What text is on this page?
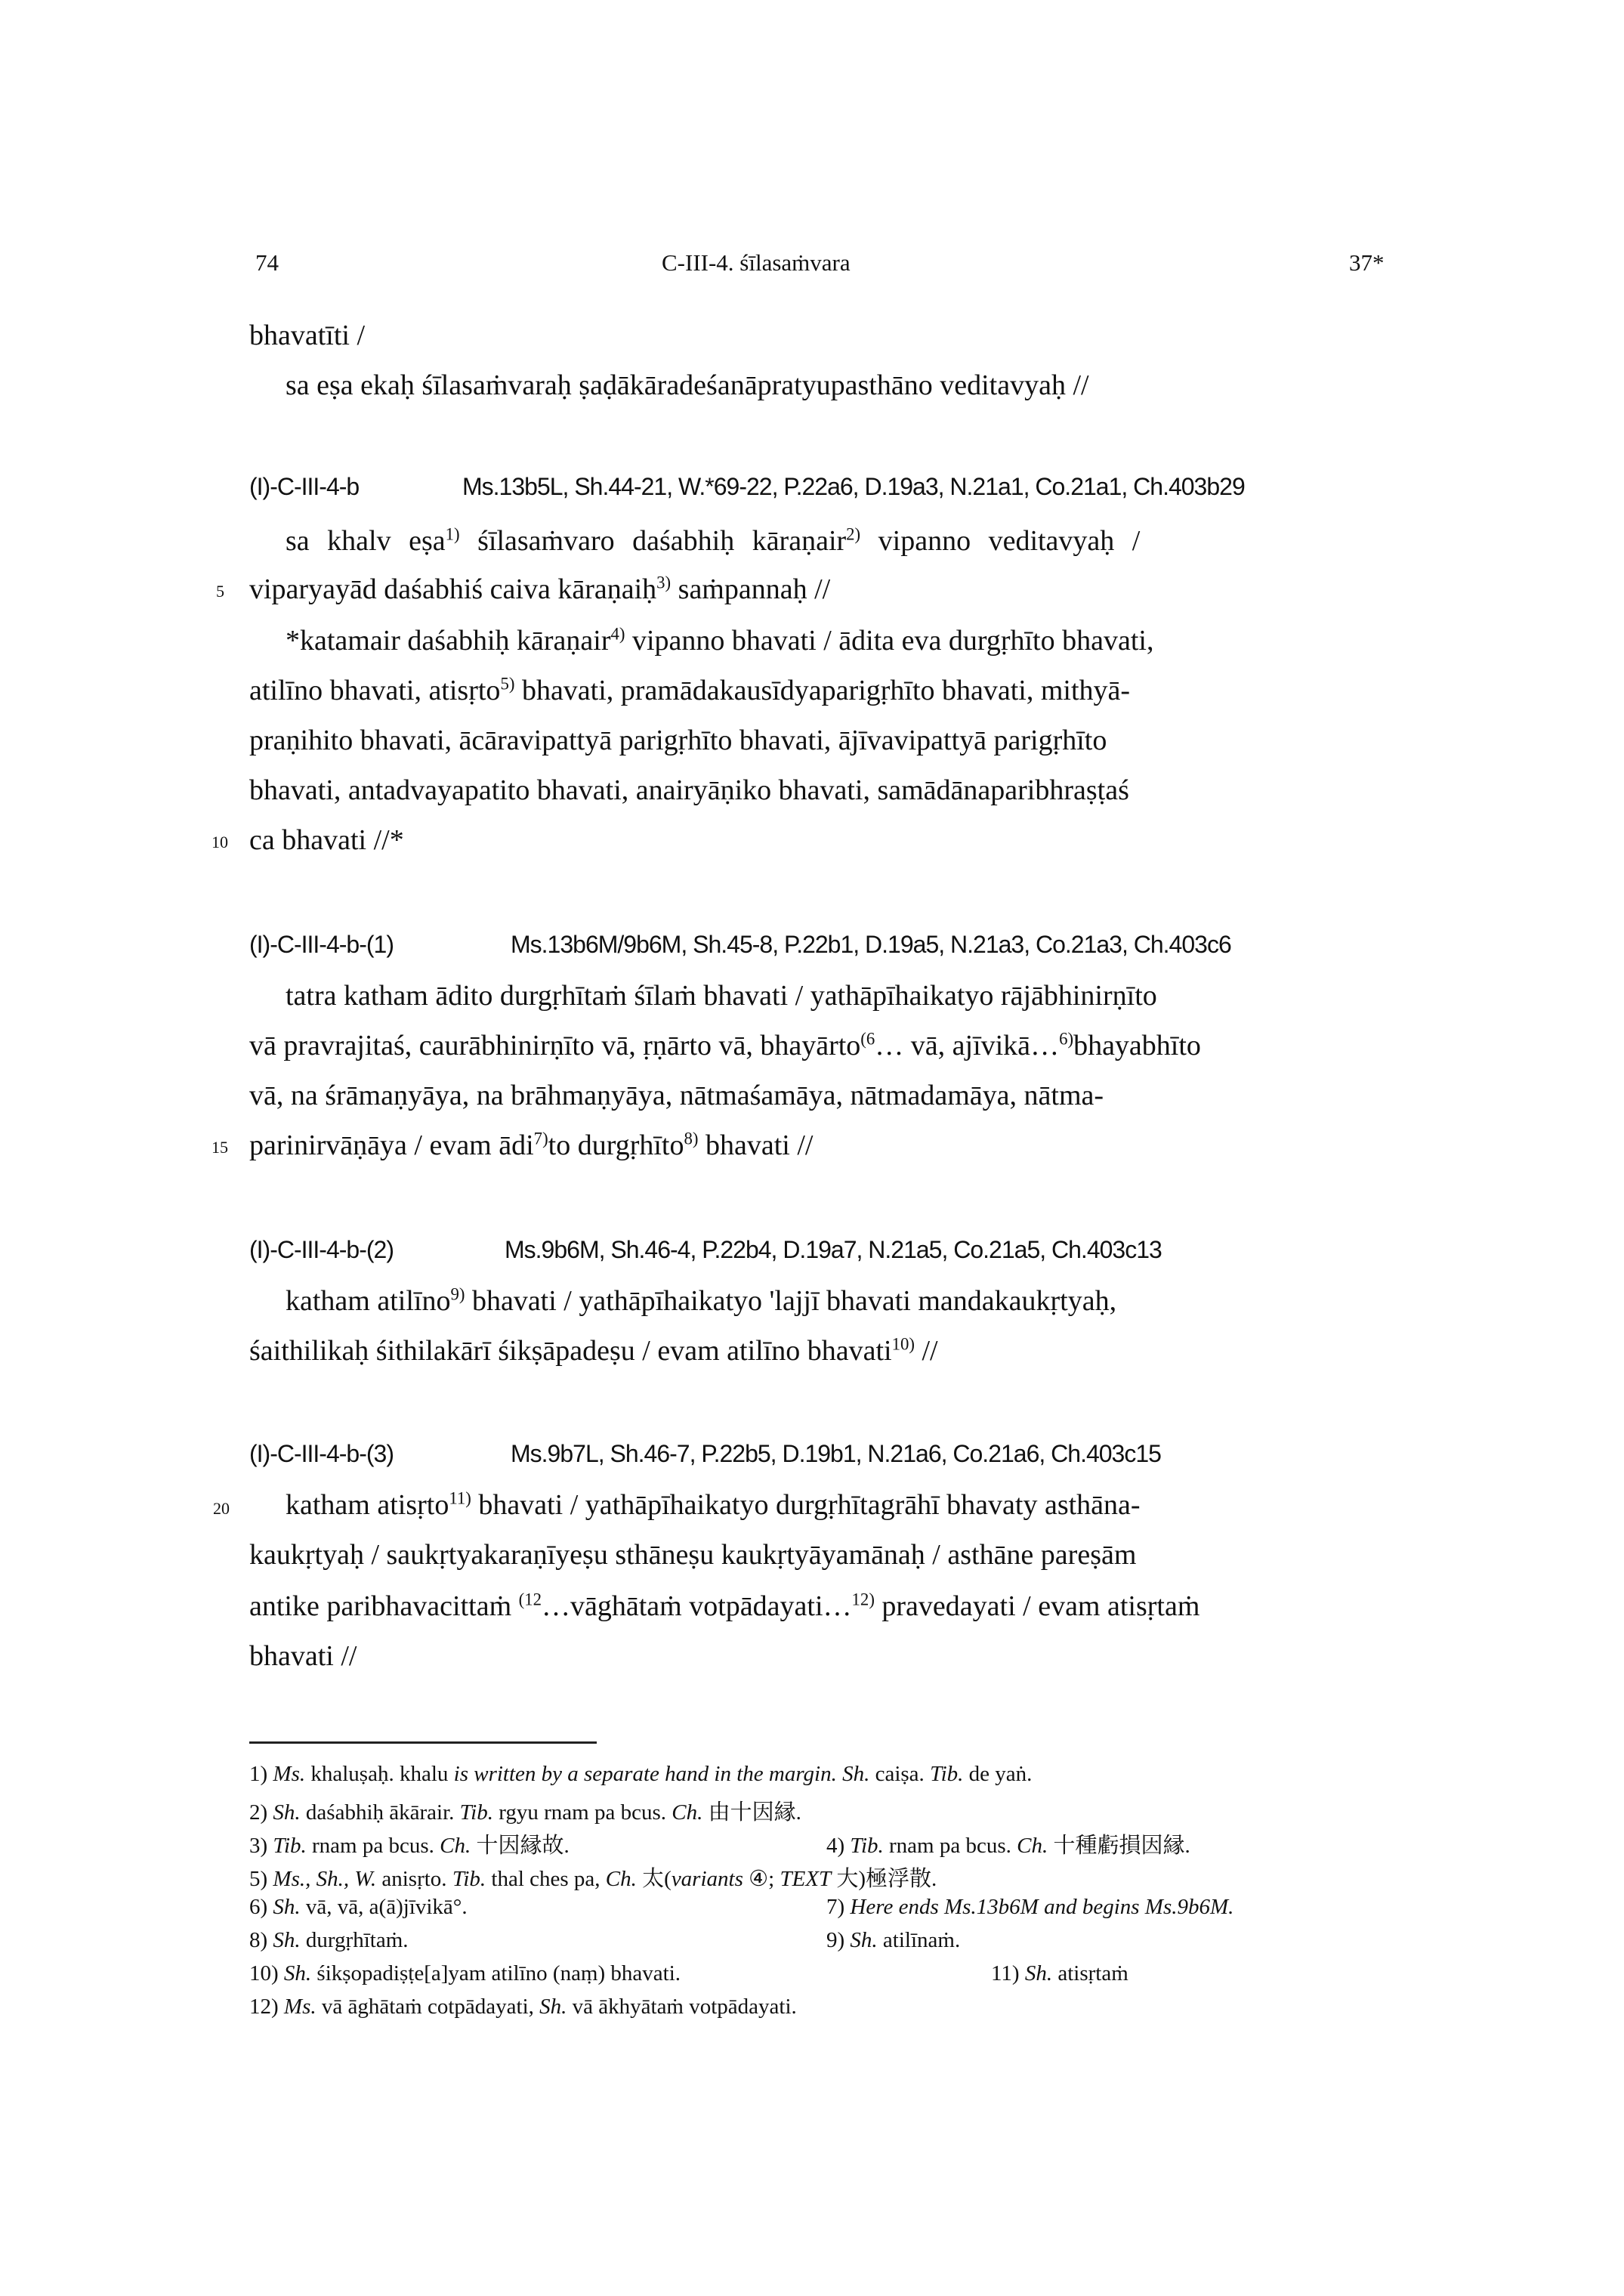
74	C-III-4. śīlasaṁvara	37*
bhavatīti /
sa eṣa ekaḥ śīlasaṁvaraḥ ṣaḍākāradeśanāpratyupasthāno veditavyaḥ //
(I)-C-III-4-b	Ms.13b5L, Sh.44-21, W.*69-22, P.22a6, D.19a3, N.21a1, Co.21a1, Ch.403b29
sa khalv eṣa$^{1)}$ śīlasaṁvaro daśabhiḥ kāraṇair$^{2)}$ vipanno veditavyaḥ /
5 viparyayād daśabhiś caiva kāraṇaiḥ$^{3)}$ saṁpannaḥ //
*katamair daśabhiḥ kāraṇair$^{4)}$ vipanno bhavati / ādita eva durgṛhīto bhavati,
atilīno bhavati, atisṛto$^{5)}$ bhavati, pramādakausīdyaparigṛhīto bhavati, mithyā-
praṇihito bhavati, ācāravipattyā parigṛhīto bhavati, ājīvavipattyā parigṛhīto
bhavati, antadvayapatito bhavati, anairyāṇiko bhavati, samādānaparibhraṣṭaś
10 ca bhavati //*
(I)-C-III-4-b-(1)	Ms.13b6M/9b6M, Sh.45-8, P.22b1, D.19a5, N.21a3, Co.21a3, Ch.403c6
tatra katham ādito durgṛhītaṁ śīlaṁ bhavati / yathāpīhaikatyo rājābhinirṇīto
vā pravrajitaś, caurābhinirṇīto vā, ṛṇārto vā, bhayārto$^{(6}$… vā, ajīvikā…$^{6)}$bhayabhīto
vā, na śrāmaṇyāya, na brāhmaṇyāya, nātmaśamāya, nātmadamāya, nātma-
15 parinirvāṇāya / evam ādi$^{7)}$to durgṛhīto$^{8)}$ bhavati //
(I)-C-III-4-b-(2)	Ms.9b6M, Sh.46-4, P.22b4, D.19a7, N.21a5, Co.21a5, Ch.403c13
katham atilīno$^{9)}$ bhavati / yathāpīhaikatyo 'lajjī bhavati mandakaukṛtyaḥ,
śaithilikaḥ śithilakārī śikṣāpadeṣu / evam atilīno bhavati$^{10)}$ //
(I)-C-III-4-b-(3)	Ms.9b7L, Sh.46-7, P.22b5, D.19b1, N.21a6, Co.21a6, Ch.403c15
20 katham atisṛto$^{11)}$ bhavati / yathāpīhaikatyo durgṛhītagrāhī bhavaty asthāna-
kaukṛtyaḥ / saukṛtyakaraṇīyeṣu sthāneṣu kaukṛtyāyamānaḥ / asthāne pareṣām
antike paribhavacittaṁ $^{(12}$…vāghātaṁ votpādayati…$^{12)}$ pravedayati / evam atisṛtaṁ
bhavati //
1) Ms. khaluṣaḥ. khalu is written by a separate hand in the margin. Sh. caiṣa. Tib. de yaṅ.
2) Sh. daśabhiḥ ākārair. Tib. rgyu rnam pa bcus. Ch. 由十因縁.
3) Tib. rnam pa bcus. Ch. 十因縁故.	4) Tib. rnam pa bcus. Ch. 十種虧損因縁.
5) Ms., Sh., W. anisṛto. Tib. thal ches pa, Ch. 太(variants ④; TEXT 大)極浮散.
6) Sh. vā, vā, a(ā)jīvikā°.	7) Here ends Ms.13b6M and begins Ms.9b6M.
8) Sh. durgṛhītaṁ.	9) Sh. atilīnaṁ.
10) Sh. śikṣopadiṣṭe[a]yam atilīno (naṃ) bhavati.	11) Sh. atisṛtaṁ
12) Ms. vā āghātaṁ cotpādayati, Sh. vā ākhyātaṁ votpādayati.
